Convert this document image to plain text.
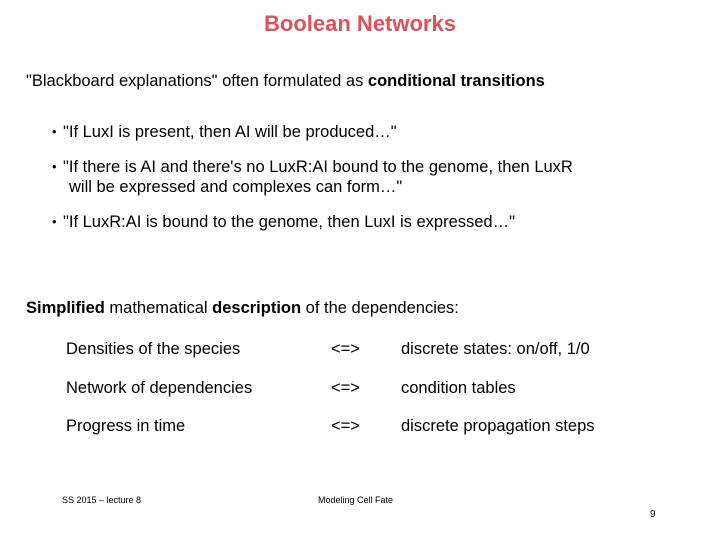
Boolean Networks
"Blackboard explanations" often formulated as conditional transitions
• "If LuxI is present, then AI will be produced…"
• "If there is AI and there's no LuxR:AI bound to the genome, then LuxR
will be expressed and complexes can form…"
• "If LuxR:AI is bound to the genome, then LuxI is expressed…"
Simplified mathematical description of the dependencies:
Densities of the species	<=> discrete states: on/off, 1/0
Network of dependencies	<=> condition tables
Progress in time	<=> discrete propagation steps
SS 2015 – lecture 8	Modeling Cell Fate
9
